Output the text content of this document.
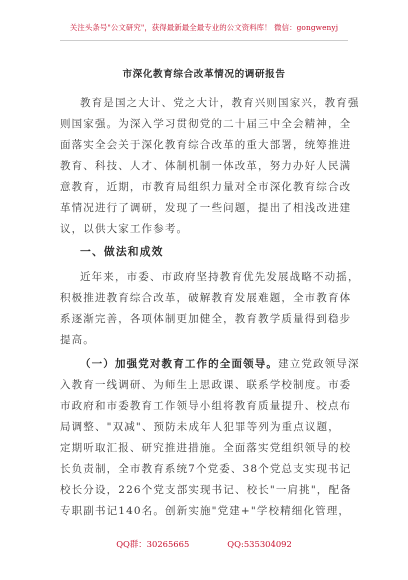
关注头条号"公文研究"，获得最新最全最专业的公文资料库！ 微信：gongwenyj
市深化教育综合改革情况的调研报告
教育是国之大计、党之大计，教育兴则国家兴，教育强
则国家强。为深入学习贯彻党的二十届三中全会精神，全
面落实全会关于深化教育综合改革的重大部署，统筹推进
教育、科技、人才、体制机制一体改革，努力办好人民满
意教育，近期，市教育局组织力量对全市深化教育综合改
革情况进行了调研，发现了一些问题，提出了相浅改进建
议，以供大家工作参考。
一、做法和成效
近年来，市委、市政府坚持教育优先发展战略不动摇，
积极推进教育综合改革，破解教育发展难题，全市教育体
系逐渐完善，各项体制更加健全，教育教学质量得到稳步
提高。
（一）加强党对教育工作的全面领导。建立党政领导深
入教育一线调研、为师生上思政课、联系学校制度。市委
市政府和市委教育工作领导小组将教育质量提升、校点布
局调整、"双减"、预防未成年人犯罪等列为重点议题，
定期听取汇报、研究推进措施。全面落实党组织领导的校
长负责制，全市教育系统7个党委、38个党总支实现书记
校长分设，226个党支部实现书记、校长"一肩挑"，配备
专职副书记140名。创新实施"党建+"学校精细化管理，
QQ群：30265665	QQ:535304092
